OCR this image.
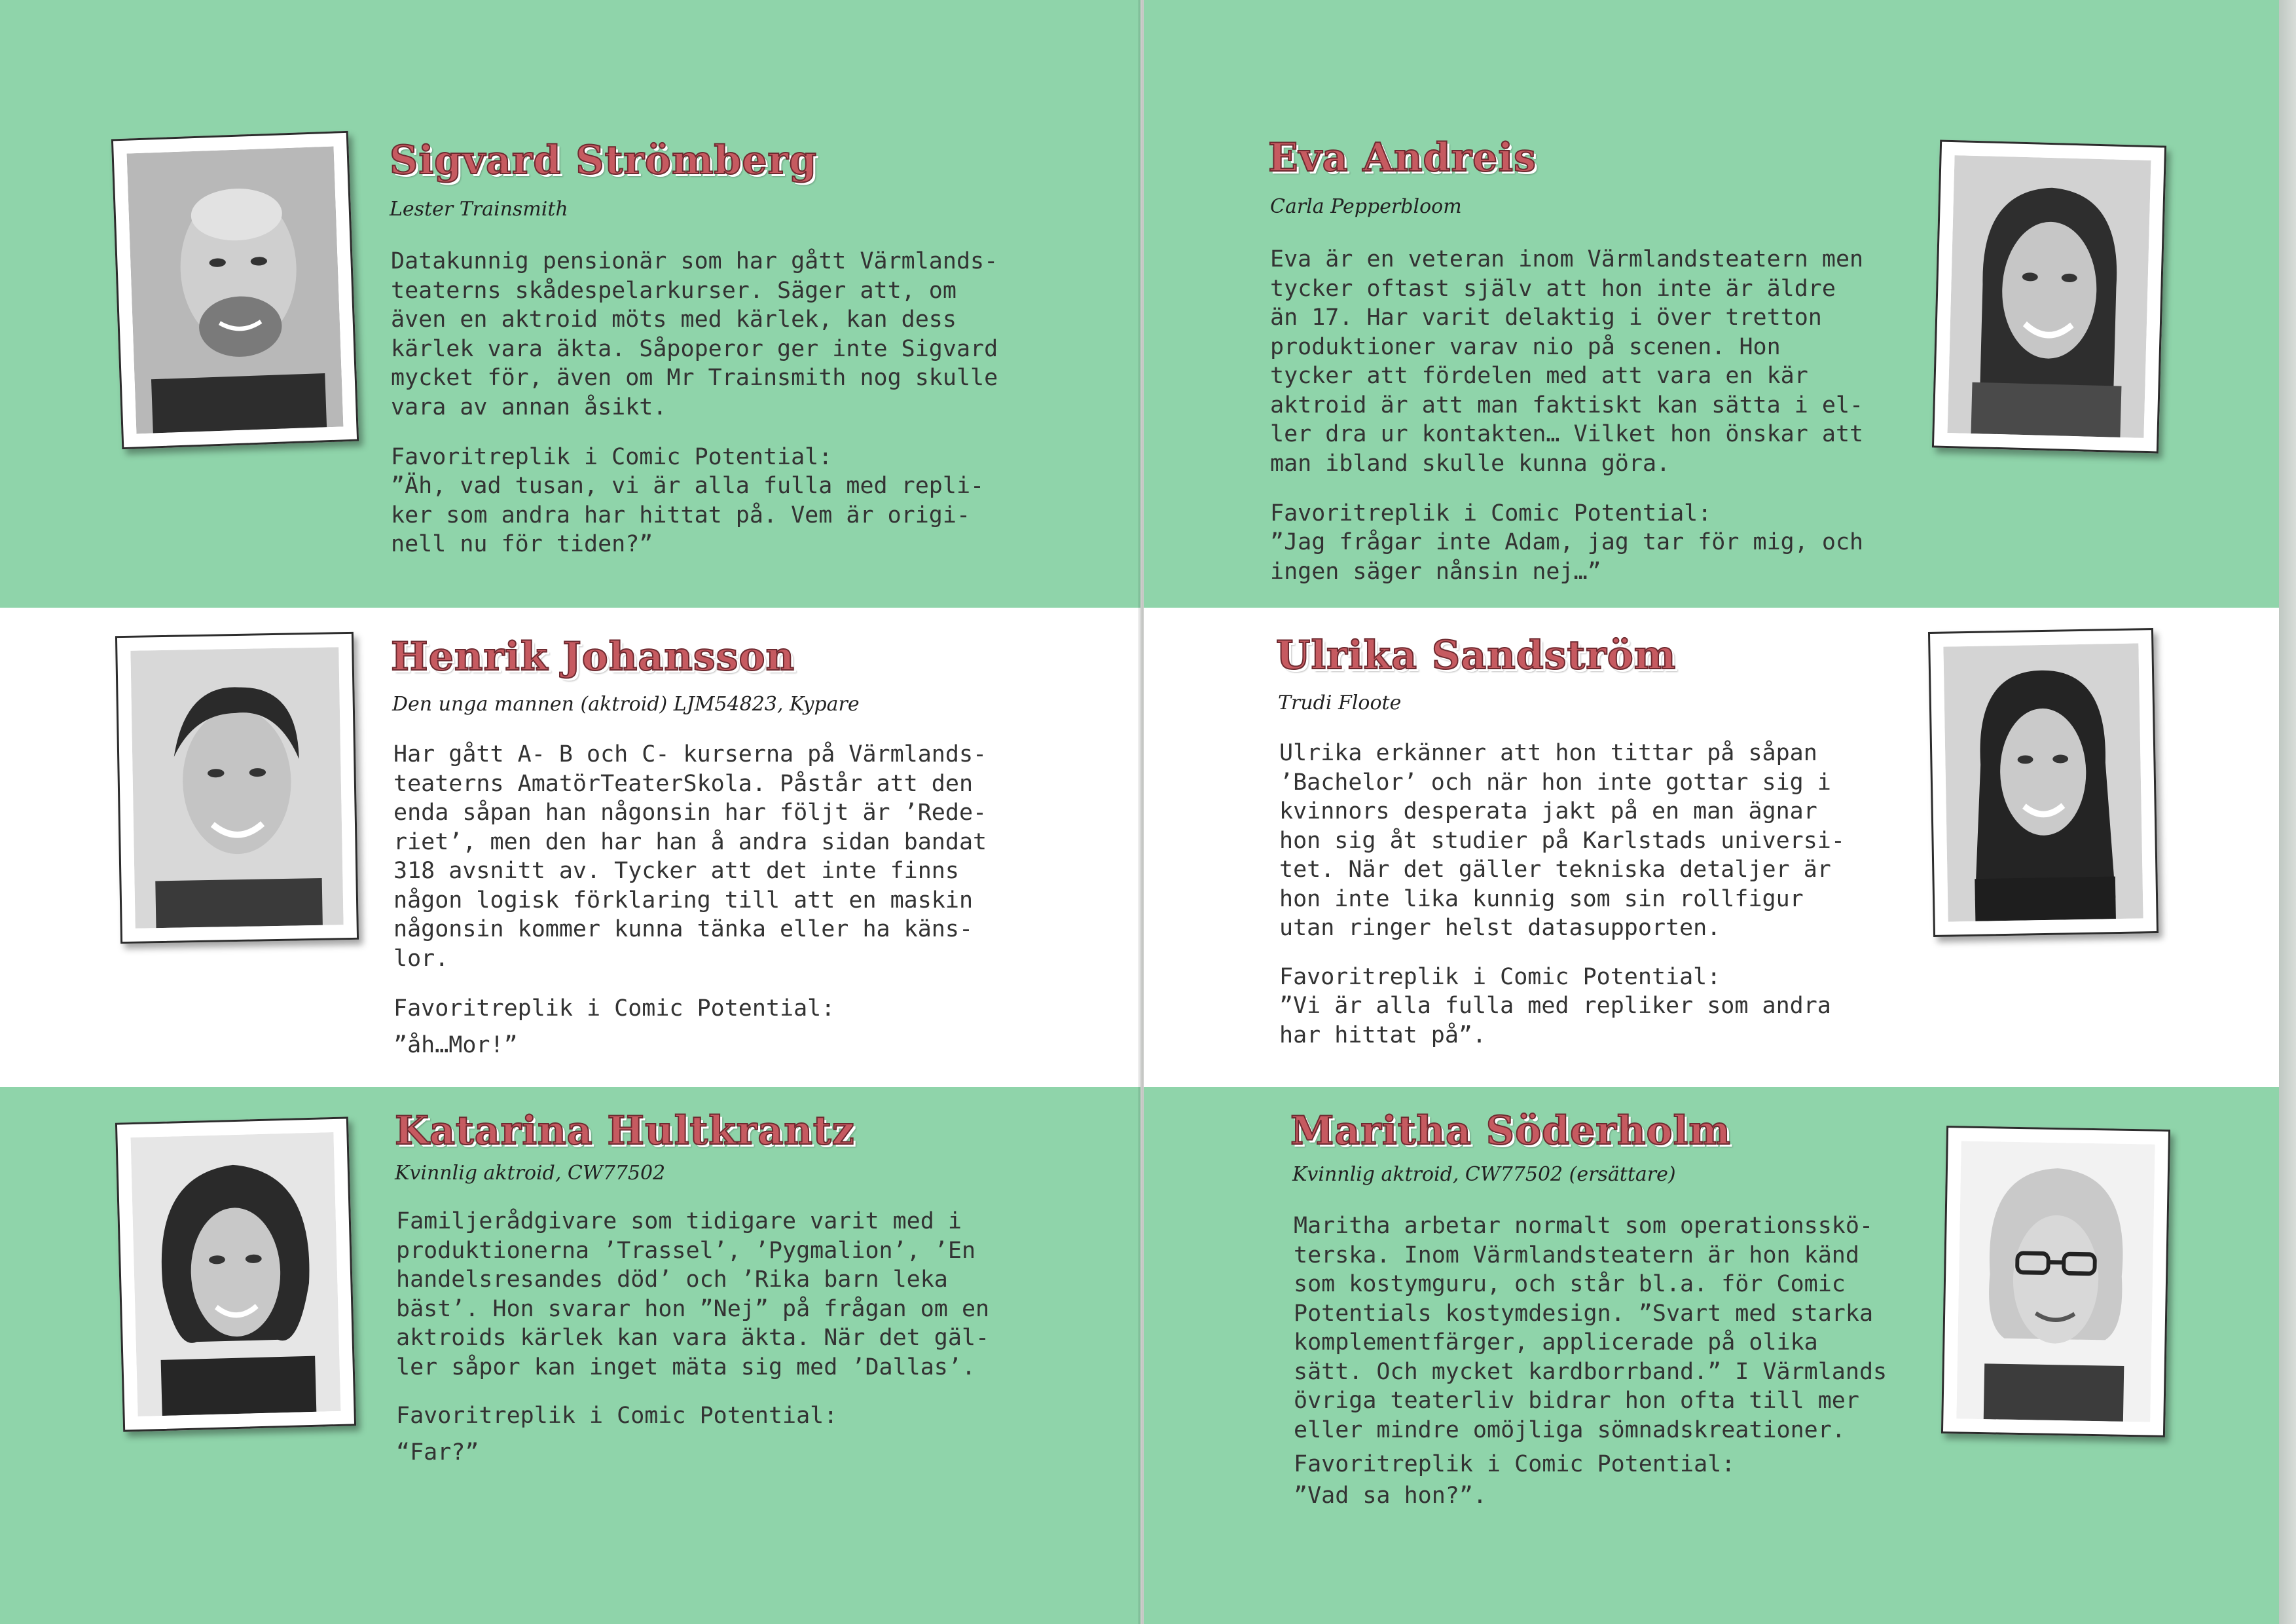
Sigvard Strömberg

Lester Trainsmith

Datakunnig pensionär som har gått Värmlands-
teaterns skådespelarkurser. Säger att, om
även en aktroid möts med kärlek, kan dess
kärlek vara äkta. Såpoperor ger inte Sigvard
mycket för, även om Mr Trainsmith nog skulle
vara av annan åsikt.

Favoritreplik i Comic Potential:

”Äh, vad tusan, vi är alla fulla med repli-
ker som andra har hittat på. Vem är origi-
nell nu för tiden?”

Henrik Johansson

Den unga mannen (aktroid) LJM54823, Kypare

Har gått A- B och C- kurserna på Värmlands-
teaterns AmatörTeaterSkola. Påstår att den
enda såpan han någonsin har följt är ’Rede-
riet’, men den har han å andra sidan bandat
318 avsnitt av. Tycker att det inte finns
någon logisk förklaring till att en maskin
någonsin kommer kunna tänka eller ha käns-
lor.

Favoritreplik i Comic Potential:

”åh…Mor!”

Katarina Hultkrantz

Kvinnlig aktroid, CW77502

Familjerådgivare som tidigare varit med i
produktionerna ’Trassel’, ’Pygmalion’, ’En
handelsresandes död’ och ’Rika barn leka
bäst’. Hon svarar hon ”Nej” på frågan om en
aktroids kärlek kan vara äkta. När det gäl-
ler såpor kan inget mäta sig med ’Dallas’.

Favoritreplik i Comic Potential:

“Far?”

Eva Andreis

Carla Pepperbloom

Eva är en veteran inom Värmlandsteatern men
tycker oftast själv att hon inte är äldre
än 17. Har varit delaktig i över tretton
produktioner varav nio på scenen. Hon
tycker att fördelen med att vara en kär
aktroid är att man faktiskt kan sätta i el-
ler dra ur kontakten… Vilket hon önskar att
man ibland skulle kunna göra.

Favoritreplik i Comic Potential:

”Jag frågar inte Adam, jag tar för mig, och
ingen säger nånsin nej…”

Ulrika Sandström

Trudi Floote

Ulrika erkänner att hon tittar på såpan
’Bachelor’ och när hon inte gottar sig i
kvinnors desperata jakt på en man ägnar
hon sig åt studier på Karlstads universi-
tet. När det gäller tekniska detaljer är
hon inte lika kunnig som sin rollfigur
utan ringer helst datasupporten.

Favoritreplik i Comic Potential:

”Vi är alla fulla med repliker som andra
har hittat på”.

Maritha Söderholm

Kvinnlig aktroid, CW77502 (ersättare)

Maritha arbetar normalt som operationsskö-
terska. Inom Värmlandsteatern är hon känd
som kostymguru, och står bl.a. för Comic
Potentials kostymdesign. ”Svart med starka
komplementfärger, applicerade på olika
sätt. Och mycket kardborrband.” I Värmlands
övriga teaterliv bidrar hon ofta till mer
eller mindre omöjliga sömnadskreationer.

Favoritreplik i Comic Potential:

”Vad sa hon?”.
